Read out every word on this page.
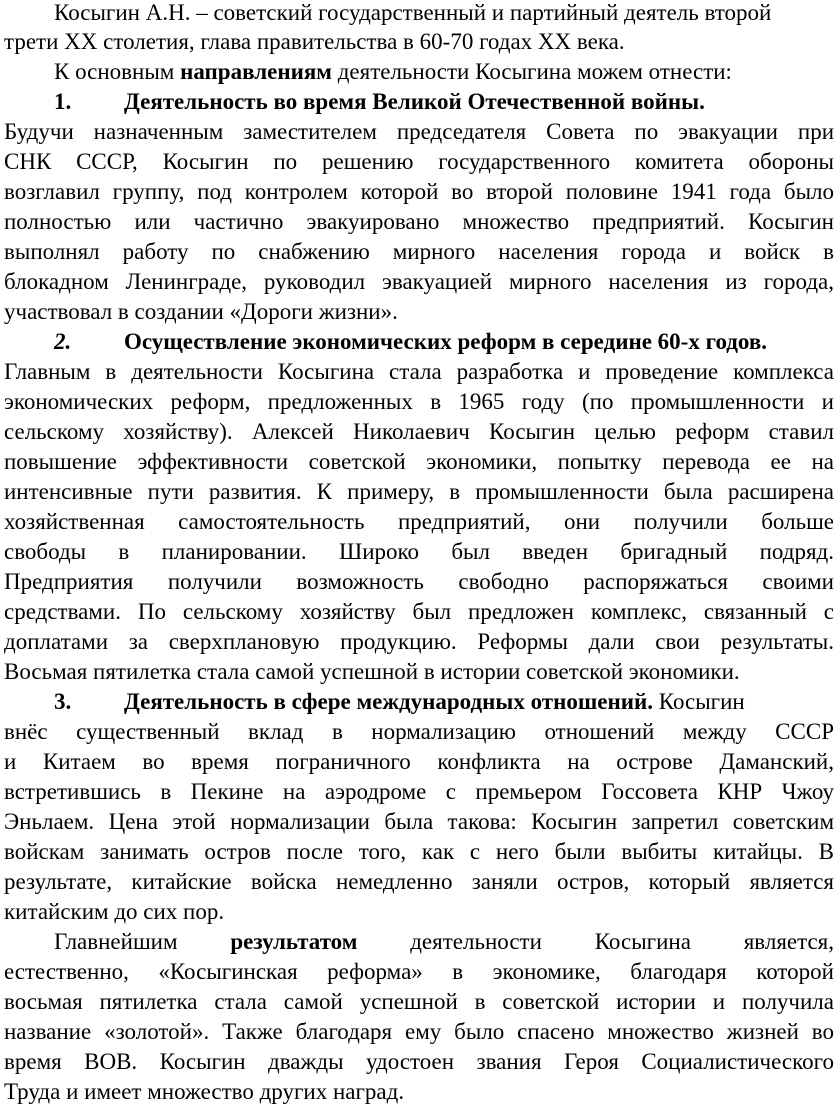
Косыгин А.Н. – советский государственный и партийный деятель второй
трети XX столетия, глава правительства в 60-70 годах XX века.
К основным направлениям деятельности Косыгина можем отнести:
1. Деятельность во время Великой Отечественной войны.
Будучи назначенным заместителем председателя Совета по эвакуации при
СНК СССР, Косыгин по решению государственного комитета обороны
возглавил группу, под контролем которой во второй половине 1941 года было
полностью или частично эвакуировано множество предприятий. Косыгин
выполнял работу по снабжению мирного населения города и войск в
блокадном Ленинграде, руководил эвакуацией мирного населения из города,
участвовал в создании «Дороги жизни».
2. Осуществление экономических реформ в середине 60-х годов.
Главным в деятельности Косыгина стала разработка и проведение комплекса
экономических реформ, предложенных в 1965 году (по промышленности и
сельскому хозяйству). Алексей Николаевич Косыгин целью реформ ставил
повышение эффективности советской экономики, попытку перевода ее на
интенсивные пути развития. К примеру, в промышленности была расширена
хозяйственная самостоятельность предприятий, они получили больше
свободы в планировании. Широко был введен бригадный подряд.
Предприятия получили возможность свободно распоряжаться своими
средствами. По сельскому хозяйству был предложен комплекс, связанный с
доплатами за сверхплановую продукцию. Реформы дали свои результаты.
Восьмая пятилетка стала самой успешной в истории советской экономики.
3. Деятельность в сфере международных отношений. Косыгин
внёс существенный вклад в нормализацию отношений между СССР
и Китаем во время пограничного конфликта на острове Даманский,
встретившись в Пекине на аэродроме с премьером Госсовета КНР Чжоу
Эньлаем. Цена этой нормализации была такова: Косыгин запретил советским
войскам занимать остров после того, как с него были выбиты китайцы. В
результате, китайские войска немедленно заняли остров, который является
китайским до сих пор.
Главнейшим результатом деятельности Косыгина является,
естественно, «Косыгинская реформа» в экономике, благодаря которой
восьмая пятилетка стала самой успешной в советской истории и получила
название «золотой». Также благодаря ему было спасено множество жизней во
время ВОВ. Косыгин дважды удостоен звания Героя Социалистического
Труда и имеет множество других наград.
